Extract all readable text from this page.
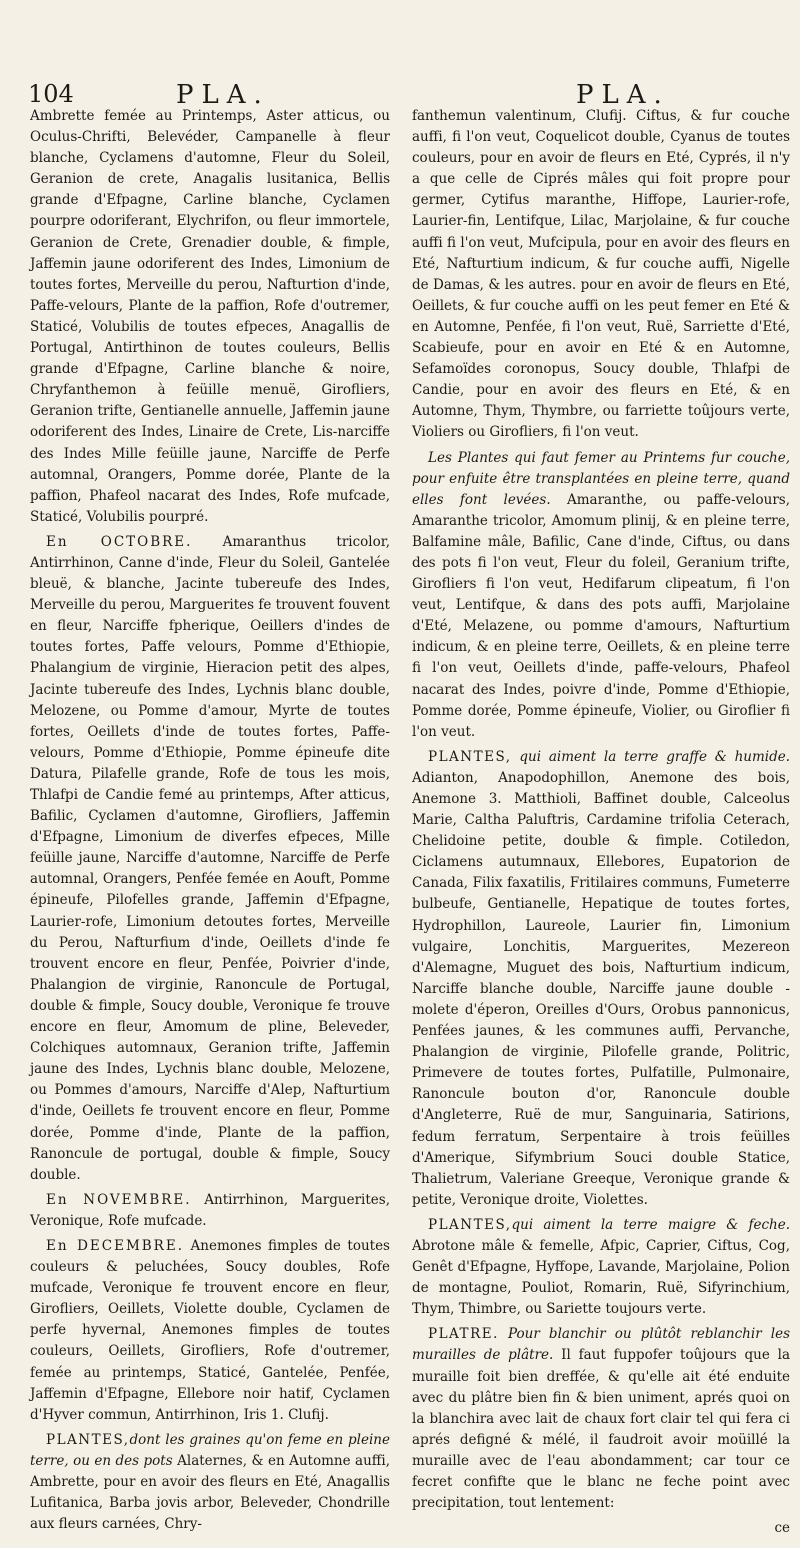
104	PLA.	PLA.

Ambrette femée au Printemps, Aster atticus, ou Oculus-Chrifti, Belevéder, Campanelle à fleur blanche, Cyclamens d'automne, Fleur du Soleil, Geranion de crete, Anagalis lusitanica, Bellis grande d'Efpagne, Carline blanche, Cyclamen pourpre odoriferant, Elychrifon, ou fleur immortele, Geranion de Crete, Grenadier double, & fimple, Jaffemin jaune odoriferent des Indes, Limonium de toutes fortes, Merveille du perou, Nafturtion d'inde, Paffe-velours, Plante de la paffion, Rofe d'outremer, Staticé, Volubilis de toutes efpeces, Anagallis de Portugal, Antirthinon de toutes couleurs, Bellis grande d'Efpagne, Carline blanche & noire, Chryfanthemon à feüille menuë, Girofliers, Geranion trifte, Gentianelle annuelle, Jaffemin jaune odoriferent des Indes, Linaire de Crete, Lis-narciffe des Indes Mille feüille jaune, Narciffe de Perfe automnal, Orangers, Pomme dorée, Plante de la paffion, Phafeol nacarat des Indes, Rofe mufcade, Staticé, Volubilis pourpré.

En OCTOBRE. Amaranthus tricolor, Antirrhinon, Canne d'inde, Fleur du Soleil, Gantelée bleuë, & blanche, Jacinte tubereufe des Indes, Merveille du perou, Marguerites fe trouvent fouvent en fleur, Narciffe fpherique, Oeillers d'indes de toutes fortes, Paffe velours, Pomme d'Ethiopie, Phalangium de virginie, Hieracion petit des alpes, Jacinte tubereufe des Indes, Lychnis blanc double, Melozene, ou Pomme d'amour, Myrte de toutes fortes, Oeillets d'inde de toutes fortes, Paffe-velours, Pomme d'Ethiopie, Pomme épineufe dite Datura, Pilafelle grande, Rofe de tous les mois, Thlafpi de Candie femé au printemps, After atticus, Bafilic, Cyclamen d'automne, Girofliers, Jaffemin d'Efpagne, Limonium de diverfes efpeces, Mille feüille jaune, Narciffe d'automne, Narciffe de Perfe automnal, Orangers, Penfée femée en Aouft, Pomme épineufe, Pilofelles grande, Jaffemin d'Efpagne, Laurier-rofe, Limonium detoutes fortes, Merveille du Perou, Nafturfium d'inde, Oeillets d'inde fe trouvent encore en fleur, Penfée, Poivrier d'inde, Phalangion de virginie, Ranoncule de Portugal, double & fimple, Soucy double, Veronique fe trouve encore en fleur, Amomum de pline, Beleveder, Colchiques automnaux, Geranion trifte, Jaffemin jaune des Indes, Lychnis blanc double, Melozene, ou Pommes d'amours, Narciffe d'Alep, Nafturtium d'inde, Oeillets fe trouvent encore en fleur, Pomme dorée, Pomme d'inde, Plante de la paffion, Ranoncule de portugal, double & fimple, Soucy double.

En NOVEMBRE. Antirrhinon, Marguerites, Veronique, Rofe mufcade.

En DECEMBRE. Anemones fimples de toutes couleurs & peluchées, Soucy doubles, Rofe mufcade, Veronique fe trouvent encore en fleur, Girofliers, Oeillets, Violette double, Cyclamen de perfe hyvernal, Anemones fimples de toutes couleurs, Oeillets, Girofliers, Rofe d'outremer, femée au printemps, Staticé, Gantelée, Penfée, Jaffemin d'Efpagne, Ellebore noir hatif, Cyclamen d'Hyver commun, Antirrhinon, Iris 1. Clufij.

PLANTES,dont les graines qu'on feme en pleine terre, ou en des pots Alaternes, & en Automne auffi, Ambrette, pour en avoir des fleurs en Eté, Anagallis Lufitanica, Barba jovis arbor, Beleveder, Chondrille aux fleurs carnées, Chry-

fanthemun valentinum, Clufij. Ciftus, & fur couche auffi, fi l'on veut, Coquelicot double, Cyanus de toutes couleurs, pour en avoir de fleurs en Eté, Cyprés, il n'y a que celle de Ciprés mâles qui foit propre pour germer, Cytifus maranthe, Hiffope, Laurier-rofe, Laurier-fin, Lentifque, Lilac, Marjolaine, & fur couche auffi fi l'on veut, Mufcipula, pour en avoir des fleurs en Eté, Nafturtium indicum, & fur couche auffi, Nigelle de Damas, & les autres. pour en avoir de fleurs en Eté, Oeillets, & fur couche auffi on les peut femer en Eté & en Automne, Penfée, fi l'on veut, Ruë, Sarriette d'Eté, Scabieufe, pour en avoir en Eté & en Automne, Sefamoïdes coronopus, Soucy double, Thlafpi de Candie, pour en avoir des fleurs en Eté, & en Automne, Thym, Thymbre, ou farriette toûjours verte, Violiers ou Girofliers, fi l'on veut.

Les Plantes qui faut femer au Printems fur couche, pour enfuite être transplantées en pleine terre, quand elles font levées. Amaranthe, ou paffe-velours, Amaranthe tricolor, Amomum plinij, & en pleine terre, Balfamine mâle, Bafilic, Cane d'inde, Ciftus, ou dans des pots fi l'on veut, Fleur du foleil, Geranium trifte, Girofliers fi l'on veut, Hedifarum clipeatum, fi l'on veut, Lentifque, & dans des pots auffi, Marjolaine d'Eté, Melazene, ou pomme d'amours, Nafturtium indicum, & en pleine terre, Oeillets, & en pleine terre fi l'on veut, Oeillets d'inde, paffe-velours, Phafeol nacarat des Indes, poivre d'inde, Pomme d'Ethiopie, Pomme dorée, Pomme épineufe, Violier, ou Giroflier fi l'on veut.

PLANTES, qui aiment la terre graffe & humide. Adianton, Anapodophillon, Anemone des bois, Anemone 3. Matthioli, Baffinet double, Calceolus Marie, Caltha Paluftris, Cardamine trifolia Ceterach, Chelidoine petite, double & fimple. Cotiledon, Ciclamens autumnaux, Ellebores, Eupatorion de Canada, Filix faxatilis, Fritilaires communs, Fumeterre bulbeufe, Gentianelle, Hepatique de toutes fortes, Hydrophillon, Laureole, Laurier fin, Limonium vulgaire, Lonchitis, Marguerites, Mezereon d'Alemagne, Muguet des bois, Nafturtium indicum, Narciffe blanche double, Narciffe jaune double - molete d'éperon, Oreilles d'Ours, Orobus pannonicus, Penfées jaunes, & les communes auffi, Pervanche, Phalangion de virginie, Pilofelle grande, Politric, Primevere de toutes fortes, Pulfatille, Pulmonaire, Ranoncule bouton d'or, Ranoncule double d'Angleterre, Ruë de mur, Sanguinaria, Satirions, fedum ferratum, Serpentaire à trois feüilles d'Amerique, Sifymbrium Souci double Statice, Thalietrum, Valeriane Greeque, Veronique grande & petite, Veronique droite, Violettes.

PLANTES,qui aiment la terre maigre & feche. Abrotone mâle & femelle, Afpic, Caprier, Ciftus, Cog, Genêt d'Efpagne, Hyffope, Lavande, Marjolaine, Polion de montagne, Pouliot, Romarin, Ruë, Sifyrinchium, Thym, Thimbre, ou Sariette toujours verte.

PLATRE. Pour blanchir ou plûtôt reblanchir les murailles de plâtre. Il faut fuppofer toûjours que la muraille foit bien dreffée, & qu'elle ait été enduite avec du plâtre bien fin & bien uniment, aprés quoi on la blanchira avec lait de chaux fort clair tel qui fera ci aprés defigné & mélé, il faudroit avoir moüillé la muraille avec de l'eau abondamment; car tour ce fecret confifte que le blanc ne feche point avec precipitation, tout lentement:

ce
